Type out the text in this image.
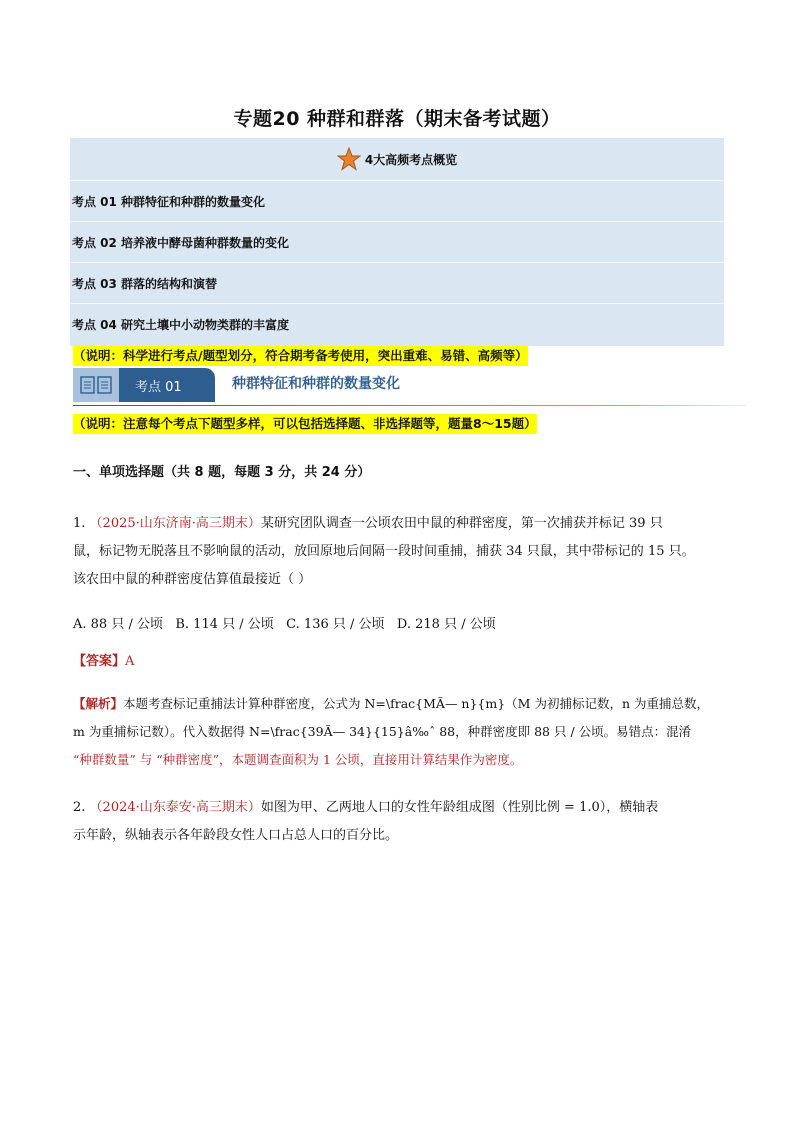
专题20 种群和群落（期末备考试题）
4大高频考点概览
考点 01 种群特征和种群的数量变化
考点 02 培养液中酵母菌种群数量的变化
考点 03 群落的结构和演替
考点 04 研究土壤中小动物类群的丰富度
（说明：科学进行考点/题型划分，符合期考备考使用，突出重难、易错、高频等）
考点 01	种群特征和种群的数量变化
（说明：注意每个考点下题型多样，可以包括选择题、非选择题等，题量8～15题）
一、单项选择题（共 8 题，每题 3 分，共 24 分）
1. （2025·山东济南·高三期末）某研究团队调查一公顷农田中鼠的种群密度，第一次捕获并标记 39 只
鼠，标记物无脱落且不影响鼠的活动，放回原地后间隔一段时间重捕，捕获 34 只鼠，其中带标记的 15 只。
该农田中鼠的种群密度估算值最接近（ ）
A. 88 只 / 公顷   B. 114 只 / 公顷   C. 136 只 / 公顷   D. 218 只 / 公顷
【答案】A
【解析】本题考查标记重捕法计算种群密度，公式为 N=\frac{MÃ— n}{m}（M 为初捕标记数，n 为重捕总数，
m 为重捕标记数）。代入数据得 N=\frac{39Ã— 34}{15}â‰ˆ 88，种群密度即 88 只 / 公顷。易错点：混淆
“种群数量” 与 “种群密度”，本题调查面积为 1 公顷，直接用计算结果作为密度。
2. （2024·山东泰安·高三期末）如图为甲、乙两地人口的女性年龄组成图（性别比例 = 1.0），横轴表
示年龄，纵轴表示各年龄段女性人口占总人口的百分比。
